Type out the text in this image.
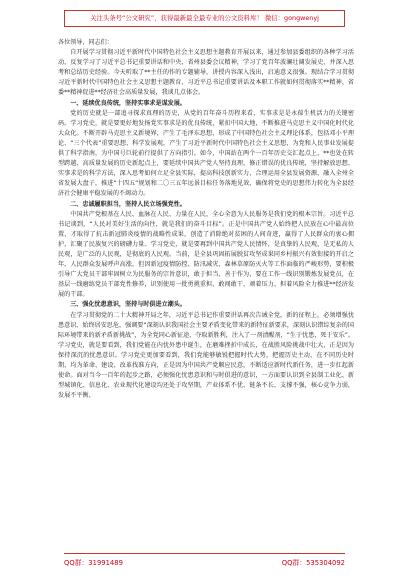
关注头条号“公文研究”，获得最新最全最专业的公文资料库！ 微信：gongwenyj

各位领导，同志们：

自开展学习贯彻习近平新时代中国特色社会主义思想主题教育开展以来，通过参加县委组织的各种学习活动，反复学习了习近平总书记重要讲话和中央、省州县委会议精神，学习了党百年波澜壮阔发展史，并深入思考和总结历史经验。今天听取了**主任的作的专题辅导，讲授内容深入浅出，启迪意义很强。现结合学习贯彻习近平新时代中国特色社会主义思想主题教育、习近平总书记重要讲话及本职工作就如何贯彻落实**精神、省委**精神促进**经济社会高质量发展，我谈几点体会。

一、延续优良传统，坚持实事求是谋发展。

党的历史就是一部追寻探求真理的历史，从党的百年奋斗历程来看，实事求是是永葆生机活力的关键密码。学习党史，就是要更好地发扬党实事求是的优良传统，紧扣中国大地，不断推进马克思主义中国化时代化大众化。不断开辟马克思主义新境界，产生了毛泽东思想，形成了中国特色社会主义理论体系，包括邓小平理论、“三个代表”重要思想、科学发展观，产生了习近平新时代中国特色社会主义思想，为党和人民事业发展提供了科学指南，为中国号巨轮前行提供了方向指引。如今，中国站在两个一百年历史交汇起点上，**也处在转型跨越、高质量发展的历史新起点上，要延续中国共产党人坚持真理、修正错误的优良传统，坚持解放思想、实事求是的科学方法，深入思考如何立足全县实际，提高科技创新实力，合理运用全县发展资源，融入全州全省发展大盘子，推进“十四五”规划和二〇三五年远景目标任务落地见效，确保将党史的思想伟力转化为全县经济社会健康平稳发展的不竭动力。

二、忠诚履职担当，坚持人民立场强党性。

中国共产党根基在人民、血脉在人民、力量在人民，全心全意为人民服务是我们党的根本宗旨。习近平总书记谈到，“人民对美好生活的向往，就是我们的奋斗目标”。正是中国共产党人始终把人民放在心中最高位置，才取得了抗击新冠肺炎疫情的战略性成果，创造了消除绝对贫困的人间奇迹，赢得了人民群众的衷心拥护，汇聚了民族复兴的磅礴力量。学习党史，就是要再到中国共产党人民情怀，是真挚的人民观，是无私的人民观，是广泛的人民观，是彻底的人民观。当前，是全县巩固拓展脱贫攻坚成果同乡村振兴有效衔接的开启之年，人民群众发展呼声高涨，但因新冠疫情防控、防汛减灾、森林草原防灭火等工作面临的严峻形势，要积极引导广大党员干部牢固树立为民服务的宗旨意识，敢于担当、善于作为，要在工作一线识别锻炼发展党员，在基层一线磨练党员干部党性修养，识别使用一批勇挑重担、敢闯敢干、顽着压力、担着风险全力推进**经济发展的干部。

三、强化忧患意识，坚持与时俱进立潮头。

在学习贯彻党的二十大精神开局之年，习近平总书记作重要讲话再次告诫全党，新的征程上，必须增强忧患意识、始终居安思危，强调要“深刻认识我国社会主要矛盾变化带来的新特征新要求，深刻认识错综复杂的国际环境带来的新矛盾新挑战”，为全党同心新征途、夺取新胜利，注入了一剂清醒剂，“生于忧患，死于安乐”。学习党史，就是要看到，我们党能在内忧外患中诞生，在磨难挫折中成长，在战胜风险挑战中壮大，正是因为保持深沉的忧患意识。学习党史更加要看到，我们党能够敏锐把握时代大势，把握历史主动，在不同历史时期，均为革命、建设、改革找准方向，正是因为中国共产党顺应民意，不断适应新时代新任务，进一步扛起新使命。面对当今一百年的起步之路，必须强化忧患意识和与时俱进的意识，一方面要认识到全县制工业化、新型城镇化、信息化、农业现代化建设均还处于攻坚期，产业体系不优、链条不长、支撑不强，核心竞争力弱，发展不平衡、

QQ群：31991489	QQ群：535304092
